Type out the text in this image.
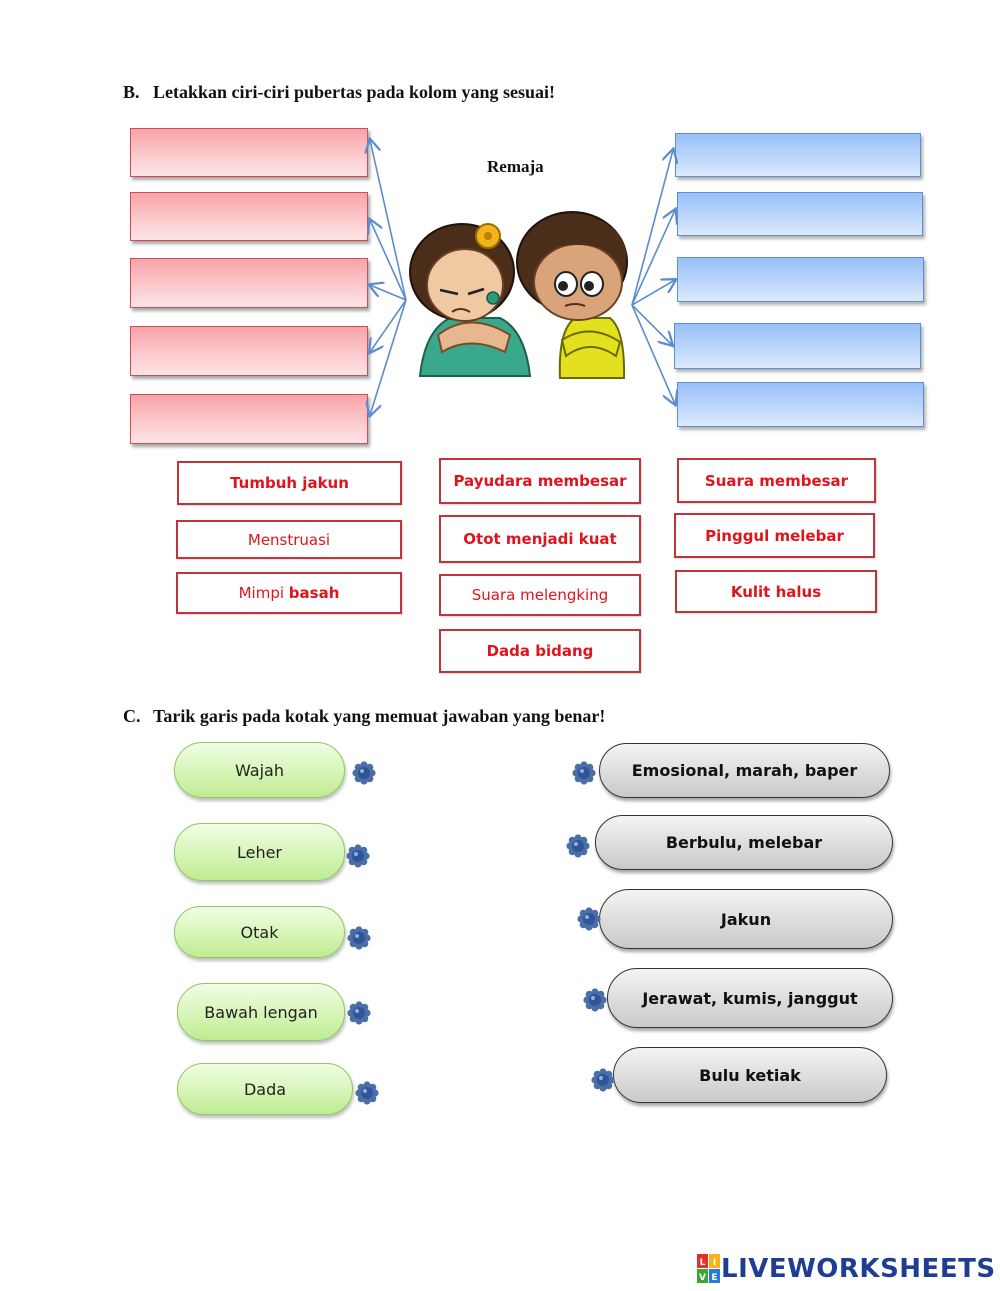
B. Letakkan ciri-ciri pubertas pada kolom yang sesuai!
Remaja
Tumbuh jakun	Payudara membesar	Suara membesar
Menstruasi	Otot menjadi kuat	Pinggul melebar
Mimpi
basah	Suara melengking	Kulit halus
Dada bidang
C. Tarik garis pada kotak yang memuat jawaban yang benar!
Wajah
Leher
Otak
Bawah lengan
Dada
Emosional, marah, baper
Berbulu, melebar
Jakun
Jerawat, kumis, janggut
Bulu ketiak
L I
V E LIVEWORKSHEETS
